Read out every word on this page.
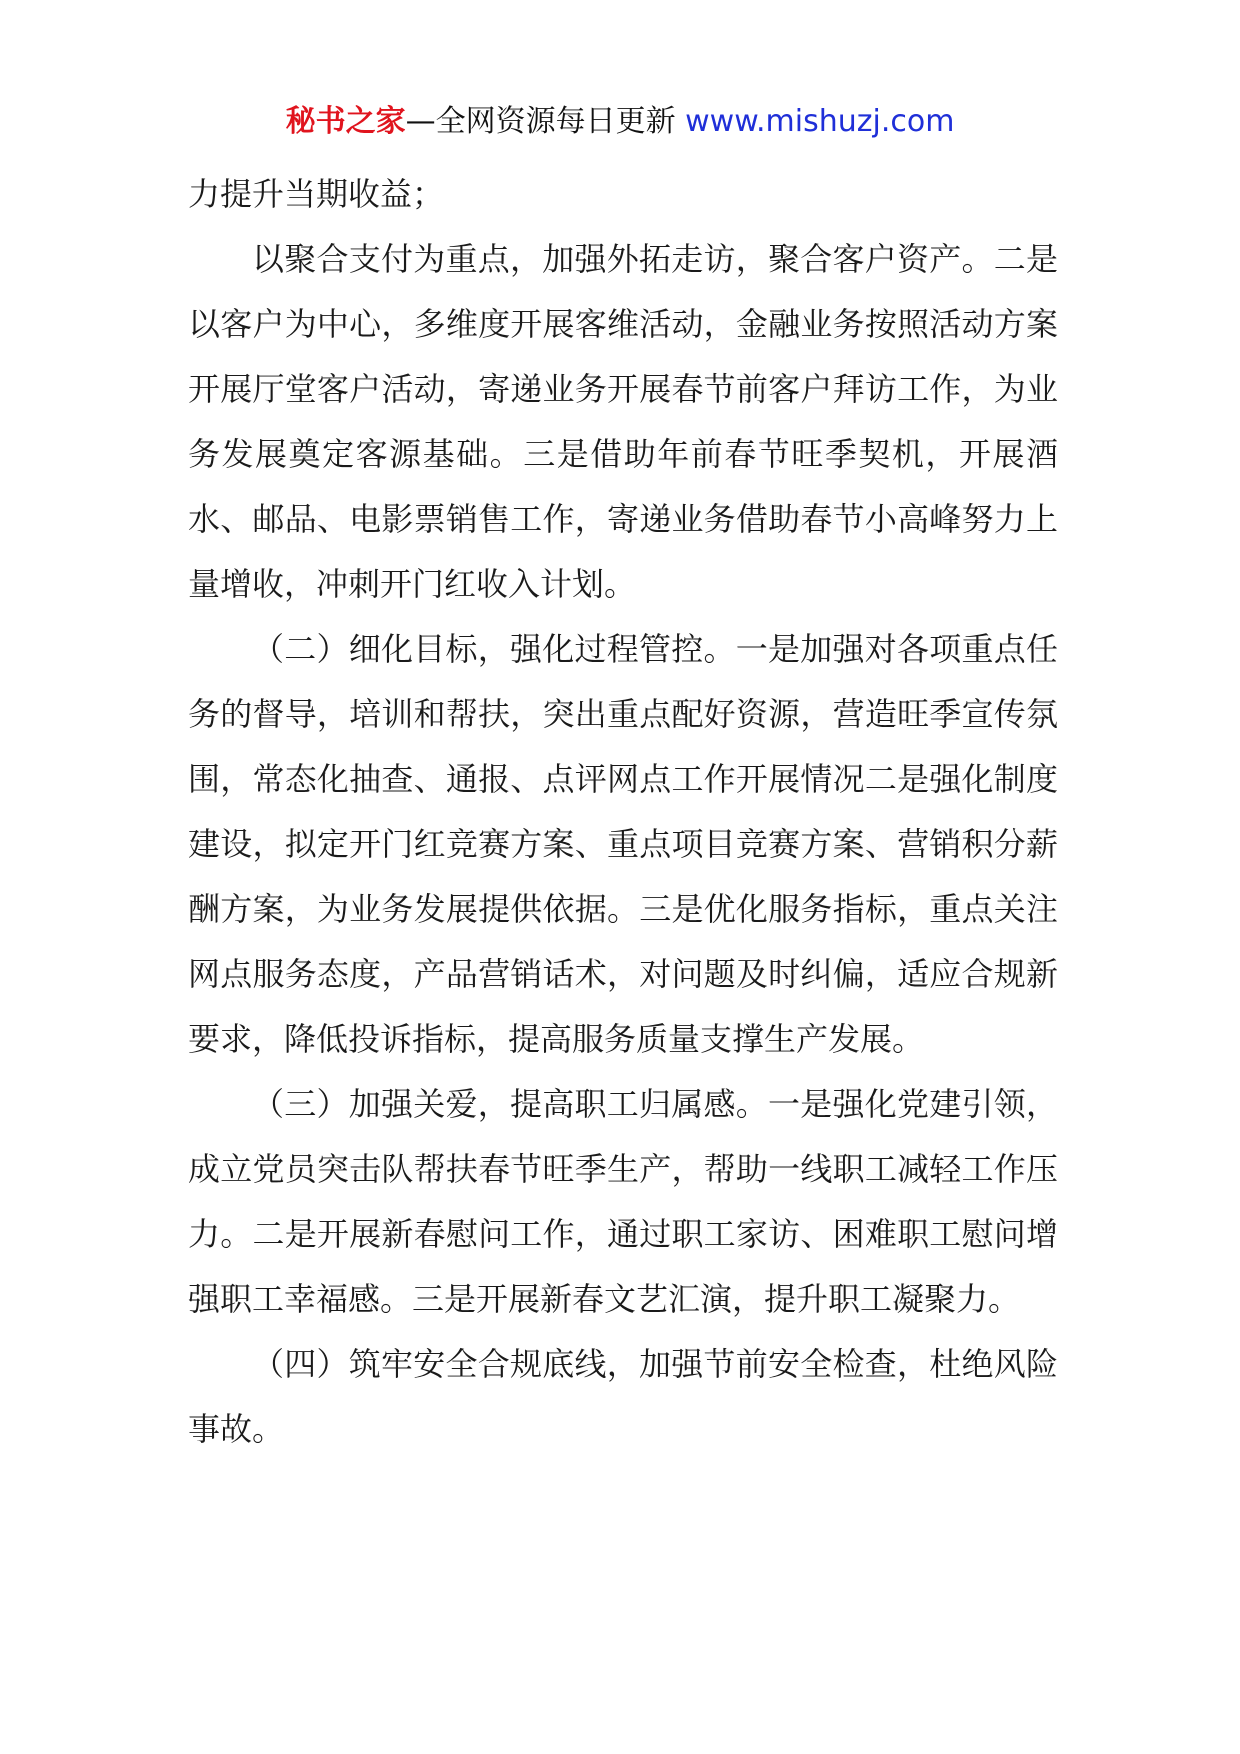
秘书之家—全网资源每日更新 www.mishuzj.com

力提升当期收益；

以聚合支付为重点，加强外拓走访，聚合客户资产。二是以客户为中心，多维度开展客维活动，金融业务按照活动方案开展厅堂客户活动，寄递业务开展春节前客户拜访工作，为业务发展奠定客源基础。三是借助年前春节旺季契机，开展酒水、邮品、电影票销售工作，寄递业务借助春节小高峰努力上量增收，冲刺开门红收入计划。

（二）细化目标，强化过程管控。一是加强对各项重点任务的督导，培训和帮扶，突出重点配好资源，营造旺季宣传氛围，常态化抽查、通报、点评网点工作开展情况二是强化制度建设，拟定开门红竞赛方案、重点项目竞赛方案、营销积分薪酬方案，为业务发展提供依据。三是优化服务指标，重点关注网点服务态度，产品营销话术，对问题及时纠偏，适应合规新要求，降低投诉指标，提高服务质量支撑生产发展。

（三）加强关爱，提高职工归属感。一是强化党建引领，成立党员突击队帮扶春节旺季生产，帮助一线职工减轻工作压力。二是开展新春慰问工作，通过职工家访、困难职工慰问增强职工幸福感。三是开展新春文艺汇演，提升职工凝聚力。

（四）筑牢安全合规底线，加强节前安全检查，杜绝风险事故。
